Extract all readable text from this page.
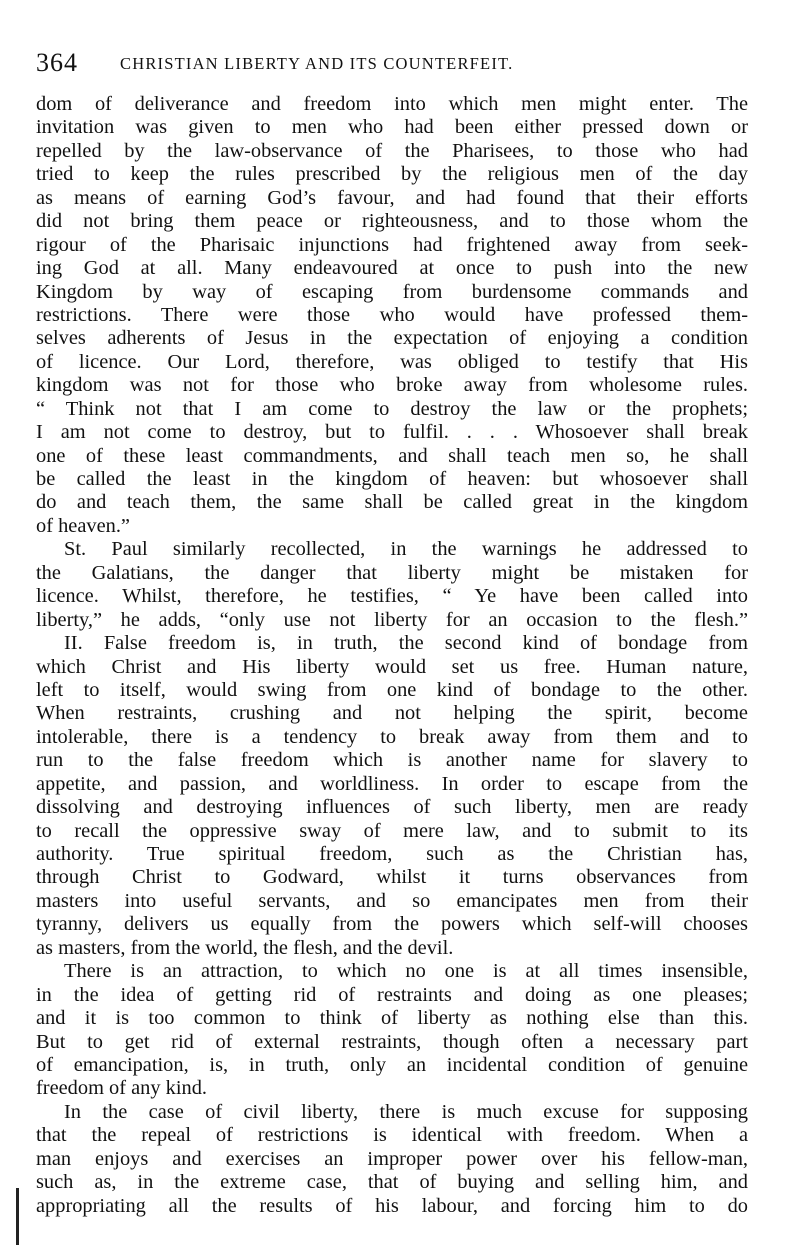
364	CHRISTIAN LIBERTY AND ITS COUNTERFEIT.
dom of deliverance and freedom into which men might enter. The
invitation was given to men who had been either pressed down or
repelled by the law-observance of the Pharisees, to those who had
tried to keep the rules prescribed by the religious men of the day
as means of earning God’s favour, and had found that their efforts
did not bring them peace or righteousness, and to those whom the
rigour of the Pharisaic injunctions had frightened away from seek-
ing God at all. Many endeavoured at once to push into the new
Kingdom by way of escaping from burdensome commands and
restrictions. There were those who would have professed them-
selves adherents of Jesus in the expectation of enjoying a condition
of licence. Our Lord, therefore, was obliged to testify that His
kingdom was not for those who broke away from wholesome rules.
“ Think not that I am come to destroy the law or the prophets;
I am not come to destroy, but to fulfil. . . . Whosoever shall break
one of these least commandments, and shall teach men so, he shall
be called the least in the kingdom of heaven: but whosoever shall
do and teach them, the same shall be called great in the kingdom
of heaven.”
St. Paul similarly recollected, in the warnings he addressed to
the Galatians, the danger that liberty might be mistaken for
licence. Whilst, therefore, he testifies, “ Ye have been called into
liberty,” he adds, “only use not liberty for an occasion to the flesh.”
II. False freedom is, in truth, the second kind of bondage from
which Christ and His liberty would set us free. Human nature,
left to itself, would swing from one kind of bondage to the other.
When restraints, crushing and not helping the spirit, become
intolerable, there is a tendency to break away from them and to
run to the false freedom which is another name for slavery to
appetite, and passion, and worldliness. In order to escape from the
dissolving and destroying influences of such liberty, men are ready
to recall the oppressive sway of mere law, and to submit to its
authority. True spiritual freedom, such as the Christian has,
through Christ to Godward, whilst it turns observances from
masters into useful servants, and so emancipates men from their
tyranny, delivers us equally from the powers which self-will chooses
as masters, from the world, the flesh, and the devil.
There is an attraction, to which no one is at all times insensible,
in the idea of getting rid of restraints and doing as one pleases;
and it is too common to think of liberty as nothing else than this.
But to get rid of external restraints, though often a necessary part
of emancipation, is, in truth, only an incidental condition of genuine
freedom of any kind.
In the case of civil liberty, there is much excuse for supposing
that the repeal of restrictions is identical with freedom. When a
man enjoys and exercises an improper power over his fellow-man,
such as, in the extreme case, that of buying and selling him, and
appropriating all the results of his labour, and forcing him to do
